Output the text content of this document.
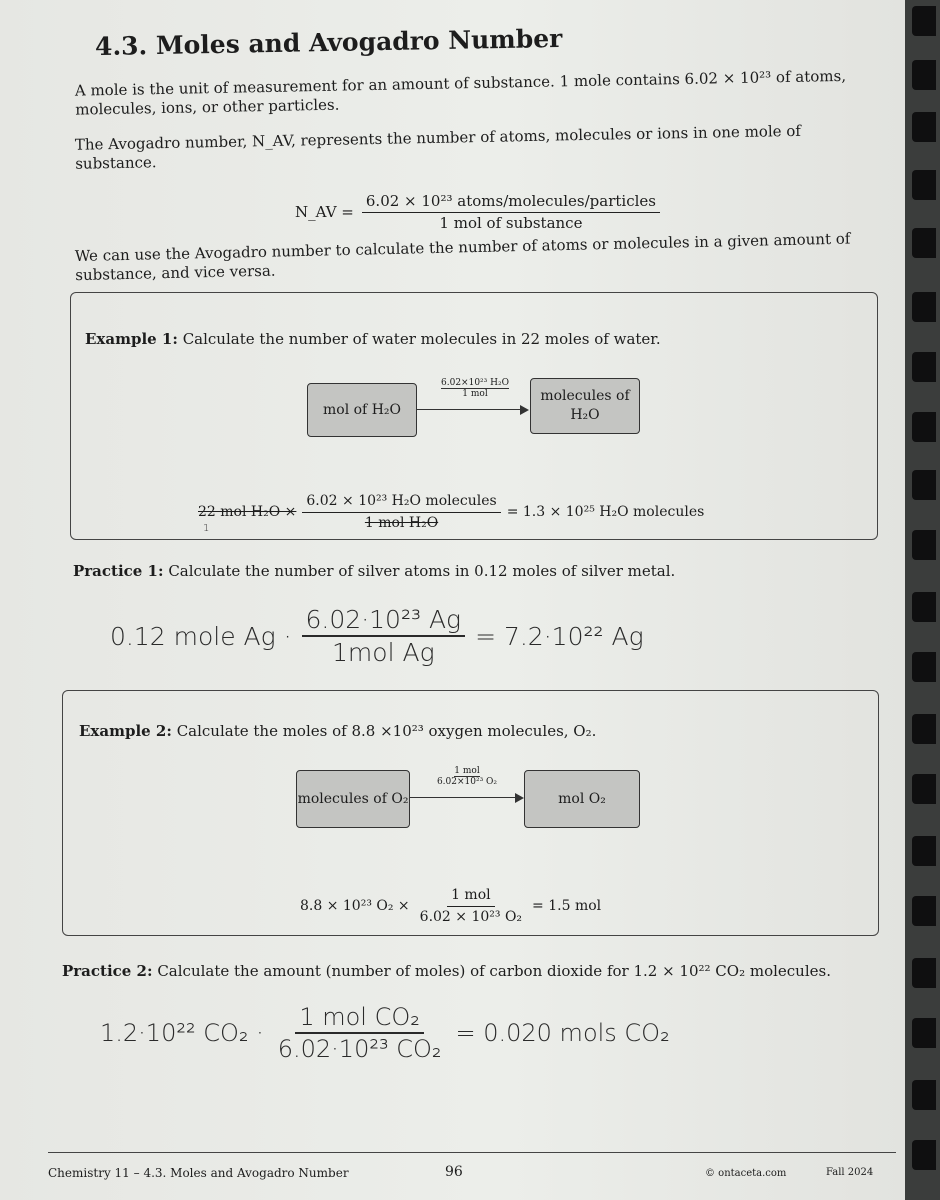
4.3. Moles and Avogadro Number
A mole is the unit of measurement for an amount of substance. 1 mole contains 6.02 × 10²³ of atoms, molecules, ions, or other particles.
The Avogadro number, N_AV, represents the number of atoms, molecules or ions in one mole of substance.
N_AV = $\frac{\text{6.02 × 10²³ atoms/molecules/particles}}{\text{1 mol of substance}}$
We can use the Avogadro number to calculate the number of atoms or molecules in a given amount of substance, and vice versa.
Example 1: Calculate the number of water molecules in 22 moles of water.
mol of H₂O
6.02×10²³ H₂O
1 mol	molecules of H₂O
22 mol $H_2O \times \frac{\text{6.02 × 10²³ H₂O molecules}}{\text{1 mol H₂O}} = 1.3 \times 10^{25}$ H₂O molecules
1
Practice 1: Calculate the number of silver atoms in 0.12 moles of silver metal.
0.12 mole $Ag \cdot \frac{\text{6.02·10²³ Ag}}{\text{1mol Ag}} = 7.2\cdot 10^{22}$ Ag
Example 2: Calculate the moles of 8.8 ×10²³ oxygen molecules, O₂.
molecules of O₂
1 mol
6.02×10²³ O₂
mol O₂
8.8 × 10²³ $O_2 \times \frac{\text{1 mol}}{\text{6.02 × 10²³ O₂}} = 1.5$ mol
Practice 2: Calculate the amount (number of moles) of carbon dioxide for 1.2 × 10²² CO₂ molecules.
1.2·10²² $CO_2 \cdot \frac{\text{1 mol CO₂}}{\text{6.02·10²³ CO₂}} = 0.020$ mols CO₂
Chemistry 11 – 4.3. Moles and Avogadro Number	96	© ontaceta.com	Fall 2024
